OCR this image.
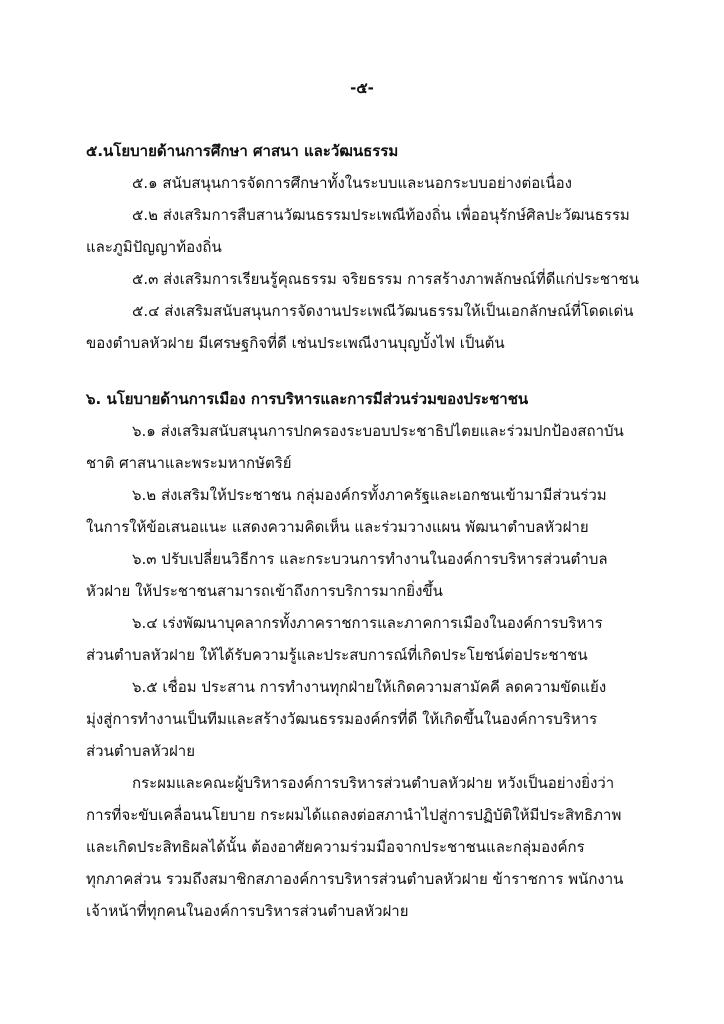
-๕-
๕.นโยบายด้านการศึกษา ศาสนา และวัฒนธรรม
๕.๑ สนับสนุนการจัดการศึกษาทั้งในระบบและนอกระบบอย่างต่อเนื่อง
๕.๒ ส่งเสริมการสืบสานวัฒนธรรมประเพณีท้องถิ่น เพื่ออนุรักษ์ศิลปะวัฒนธรรม
และภูมิปัญญาท้องถิ่น
๕.๓ ส่งเสริมการเรียนรู้คุณธรรม จริยธรรม การสร้างภาพลักษณ์ที่ดีแก่ประชาชน
๕.๔ ส่งเสริมสนับสนุนการจัดงานประเพณีวัฒนธรรมให้เป็นเอกลักษณ์ที่โดดเด่น
ของตำบลหัวฝาย มีเศรษฐกิจที่ดี เช่นประเพณีงานบุญบั้งไฟ เป็นต้น
๖. นโยบายด้านการเมือง การบริหารและการมีส่วนร่วมของประชาชน
๖.๑ ส่งเสริมสนับสนุนการปกครองระบอบประชาธิปไตยและร่วมปกป้องสถาบัน
ชาติ ศาสนาและพระมหากษัตริย์
๖.๒ ส่งเสริมให้ประชาชน กลุ่มองค์กรทั้งภาครัฐและเอกชนเข้ามามีส่วนร่วม
ในการให้ข้อเสนอแนะ แสดงความคิดเห็น และร่วมวางแผน พัฒนาตำบลหัวฝาย
๖.๓ ปรับเปลี่ยนวิธีการ และกระบวนการทำงานในองค์การบริหารส่วนตำบล
หัวฝาย ให้ประชาชนสามารถเข้าถึงการบริการมากยิ่งขึ้น
๖.๔ เร่งพัฒนาบุคลากรทั้งภาคราชการและภาคการเมืองในองค์การบริหาร
ส่วนตำบลหัวฝาย ให้ได้รับความรู้และประสบการณ์ที่เกิดประโยชน์ต่อประชาชน
๖.๕ เชื่อม ประสาน การทำงานทุกฝ่ายให้เกิดความสามัคคี ลดความขัดแย้ง
มุ่งสู่การทำงานเป็นทีมและสร้างวัฒนธรรมองค์กรที่ดี ให้เกิดขึ้นในองค์การบริหาร
ส่วนตำบลหัวฝาย
กระผมและคณะผู้บริหารองค์การบริหารส่วนตำบลหัวฝาย หวังเป็นอย่างยิ่งว่า
การที่จะขับเคลื่อนนโยบาย กระผมได้แถลงต่อสภานำไปสู่การปฏิบัติให้มีประสิทธิภาพ
และเกิดประสิทธิผลได้นั้น ต้องอาศัยความร่วมมือจากประชาชนและกลุ่มองค์กร
ทุกภาคส่วน รวมถึงสมาชิกสภาองค์การบริหารส่วนตำบลหัวฝาย ข้าราชการ พนักงาน
เจ้าหน้าที่ทุกคนในองค์การบริหารส่วนตำบลหัวฝาย
